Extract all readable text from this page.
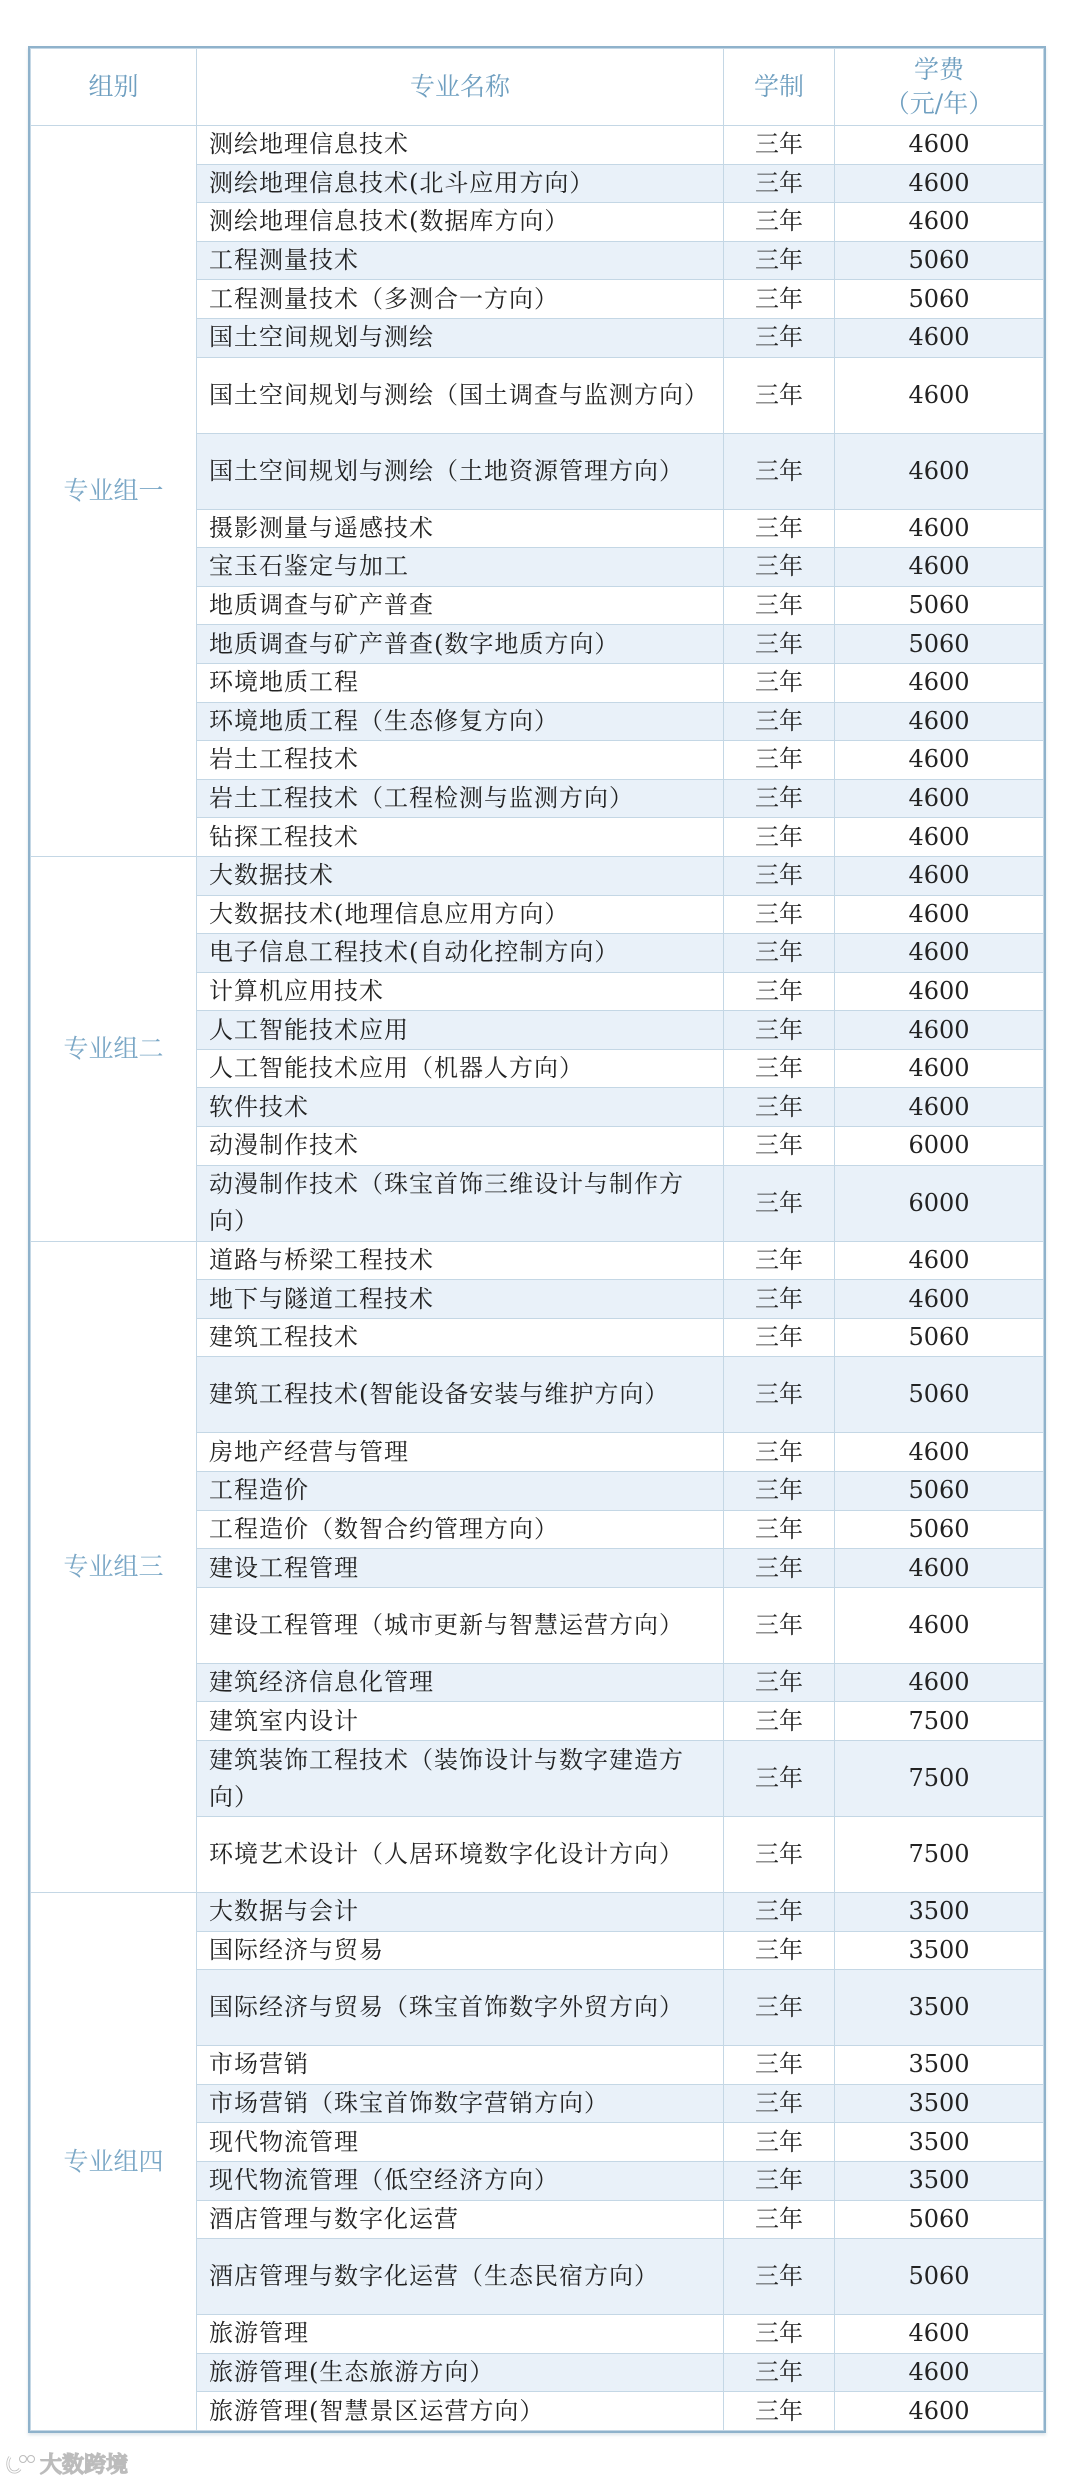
组别	专业名称	学制	学费
（元/年）

专业组一	测绘地理信息技术	三年	4600
	测绘地理信息技术(北斗应用方向）	三年	4600
	测绘地理信息技术(数据库方向）	三年	4600
	工程测量技术	三年	5060
	工程测量技术（多测合一方向）	三年	5060
	国土空间规划与测绘	三年	4600
	国土空间规划与测绘（国土调查与监测方向）	三年	4600
	国土空间规划与测绘（土地资源管理方向）	三年	4600
	摄影测量与遥感技术	三年	4600
	宝玉石鉴定与加工	三年	4600
	地质调查与矿产普查	三年	5060
	地质调查与矿产普查(数字地质方向）	三年	5060
	环境地质工程	三年	4600
	环境地质工程（生态修复方向）	三年	4600
	岩土工程技术	三年	4600
	岩土工程技术（工程检测与监测方向）	三年	4600
	钻探工程技术	三年	4600
专业组二	大数据技术	三年	4600
	大数据技术(地理信息应用方向）	三年	4600
	电子信息工程技术(自动化控制方向）	三年	4600
	计算机应用技术	三年	4600
	人工智能技术应用	三年	4600
	人工智能技术应用（机器人方向）	三年	4600
	软件技术	三年	4600
	动漫制作技术	三年	6000
	动漫制作技术（珠宝首饰三维设计与制作方向）	三年	6000
专业组三	道路与桥梁工程技术	三年	4600
	地下与隧道工程技术	三年	4600
	建筑工程技术	三年	5060
	建筑工程技术(智能设备安装与维护方向）	三年	5060
	房地产经营与管理	三年	4600
	工程造价	三年	5060
	工程造价（数智合约管理方向）	三年	5060
	建设工程管理	三年	4600
	建设工程管理（城市更新与智慧运营方向）	三年	4600
	建筑经济信息化管理	三年	4600
	建筑室内设计	三年	7500
	建筑装饰工程技术（装饰设计与数字建造方向）	三年	7500
	环境艺术设计（人居环境数字化设计方向）	三年	7500
专业组四	大数据与会计	三年	3500
	国际经济与贸易	三年	3500
	国际经济与贸易（珠宝首饰数字外贸方向）	三年	3500
	市场营销	三年	3500
	市场营销（珠宝首饰数字营销方向）	三年	3500
	现代物流管理	三年	3500
	现代物流管理（低空经济方向）	三年	3500
	酒店管理与数字化运营	三年	5060
	酒店管理与数字化运营（生态民宿方向）	三年	5060
	旅游管理	三年	4600
	旅游管理(生态旅游方向）	三年	4600
	旅游管理(智慧景区运营方向）	三年	4600
大数跨境
